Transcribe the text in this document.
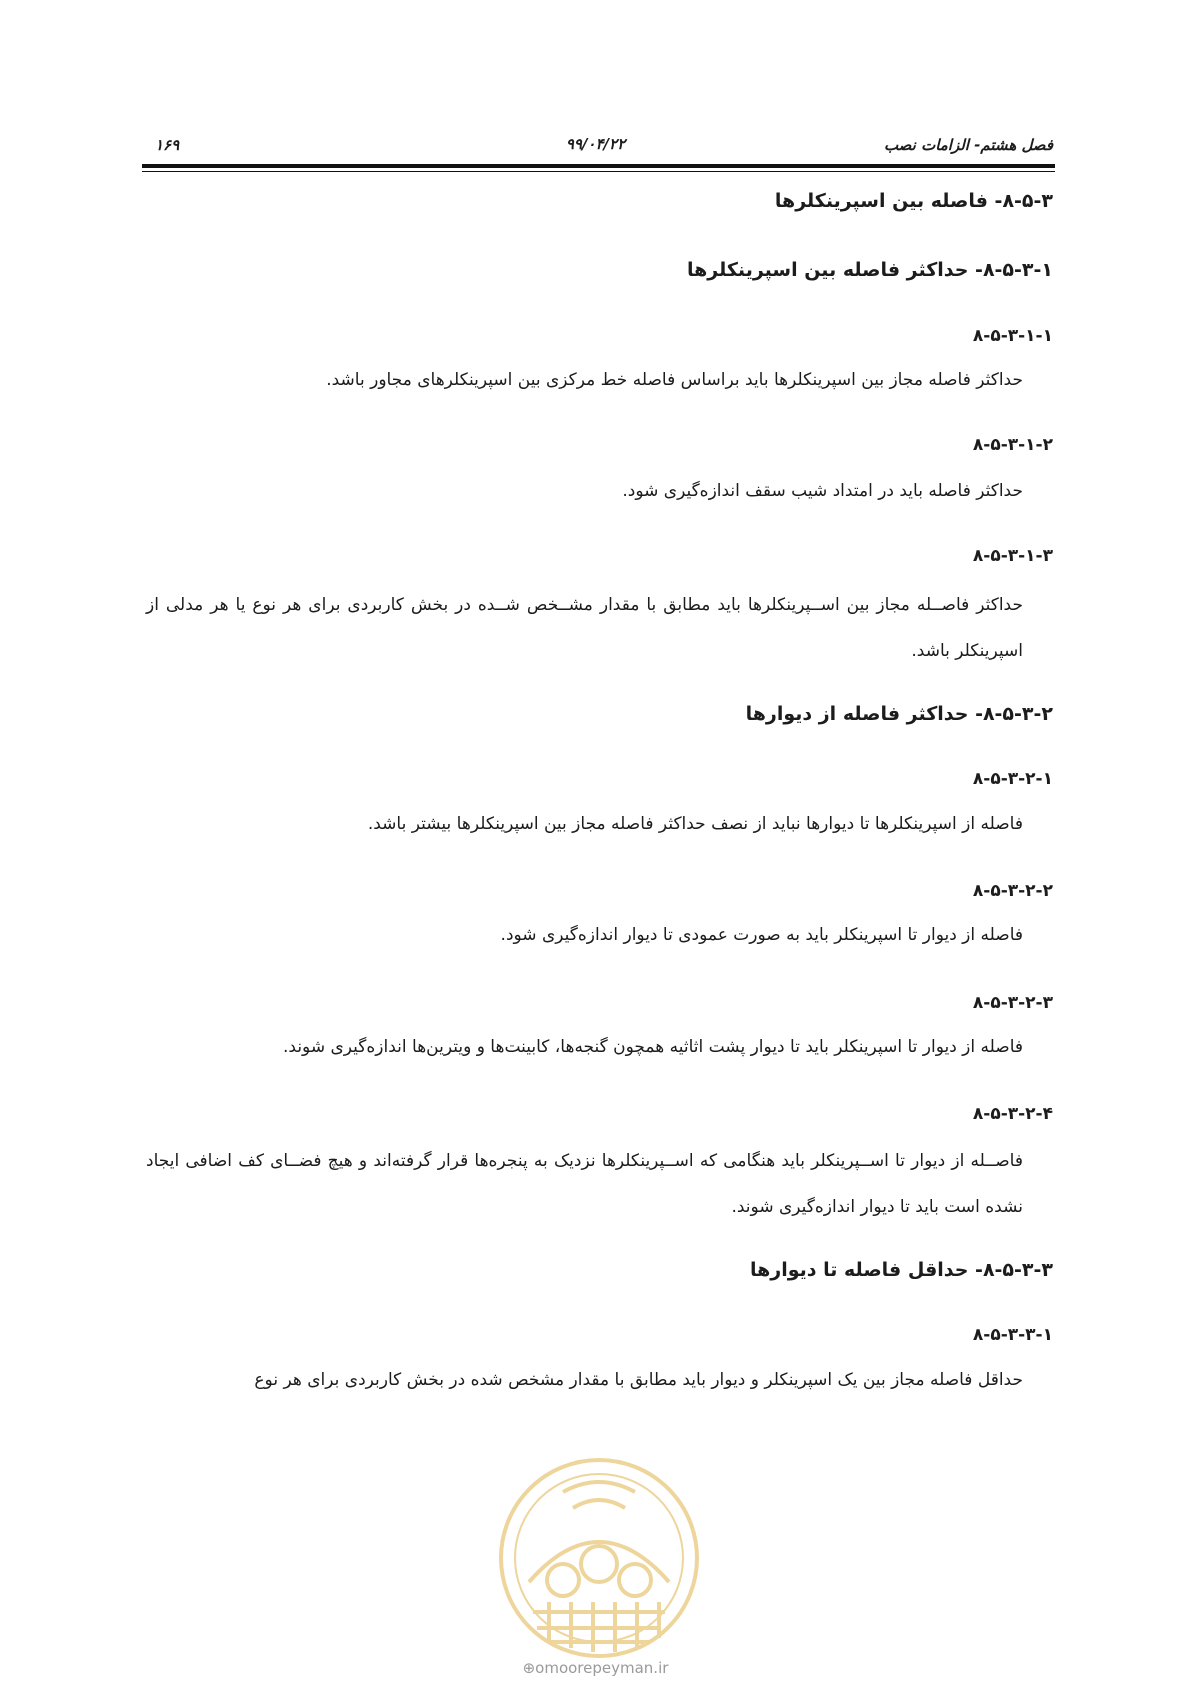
فصل هشتم- الزامات نصب
۹۹/۰۴/۲۲
۱۶۹
۸-۵-۳- فاصله بین اسپرینکلرها
۸-۵-۳-۱- حداکثر فاصله بین اسپرینکلرها
۸-۵-۳-۱-۱
حداکثر فاصله مجاز بین اسپرینکلرها باید براساس فاصله خط مرکزی بین اسپرینکلرهای مجاور باشد.
۸-۵-۳-۱-۲
حداکثر فاصله باید در امتداد شیب سقف اندازه‌گیری شود.
۸-۵-۳-۱-۳
حداکثر فاصــله مجاز بین اســپرینکلرها باید مطابق با مقدار مشــخص شــده در بخش کاربردی برای هر نوع یا هر مدلی از اسپرینکلر باشد.
۸-۵-۳-۲- حداکثر فاصله از دیوارها
۸-۵-۳-۲-۱
فاصله از اسپرینکلرها تا دیوارها نباید از نصف حداکثر فاصله مجاز بین اسپرینکلرها بیشتر باشد.
۸-۵-۳-۲-۲
فاصله از دیوار تا اسپرینکلر باید به صورت عمودی تا دیوار اندازه‌گیری شود.
۸-۵-۳-۲-۳
فاصله از دیوار تا اسپرینکلر باید تا دیوار پشت اثاثیه همچون گنجه‌ها، کابینت‌ها و ویترین‌ها اندازه‌گیری شوند.
۸-۵-۳-۲-۴
فاصــله از دیوار تا اســپرینکلر باید هنگامی که اســپرینکلرها نزدیک به پنجره‌ها قرار گرفته‌اند و هیچ فضــای کف اضافی ایجاد نشده است باید تا دیوار اندازه‌گیری شوند.
۸-۵-۳-۳- حداقل فاصله تا دیوارها
۸-۵-۳-۳-۱
حداقل فاصله مجاز بین یک اسپرینکلر و دیوار باید مطابق با مقدار مشخص شده در بخش کاربردی برای هر نوع
⊕omoorepeyman.ir
